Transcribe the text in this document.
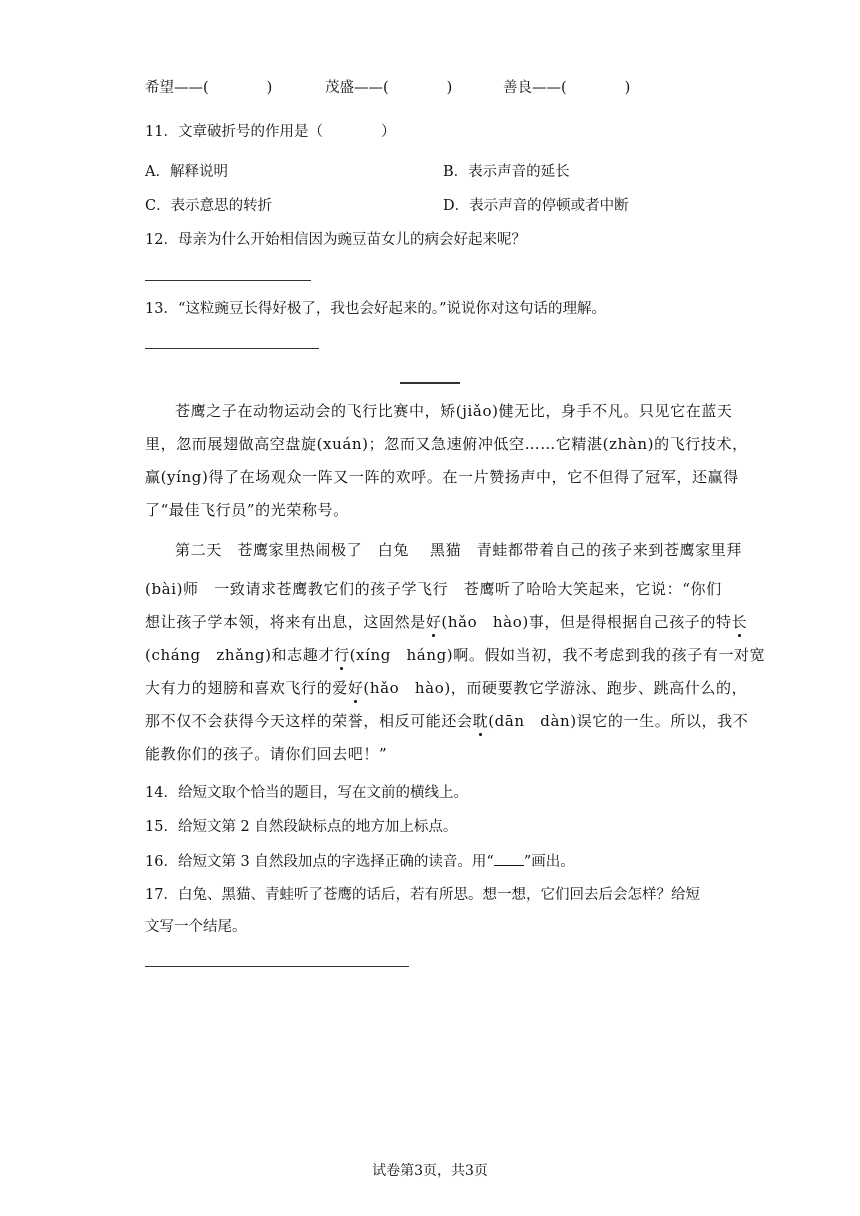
希望——(　　　　)	茂盛——(　　　　)	善良——(　　　　)
11．文章破折号的作用是（　　　　）
A．解释说明	B．表示声音的延长
C．表示意思的转折	D．表示声音的停顿或者中断
12．母亲为什么开始相信因为豌豆苗女儿的病会好起来呢？
13．“这粒豌豆长得好极了，我也会好起来的。”说说你对这句话的理解。
苍鹰之子在动物运动会的飞行比赛中，矫(jiǎo)健无比，身手不凡。只见它在蓝天
里，忽而展翅做高空盘旋(xuán)；忽而又急速俯冲低空……它精湛(zhàn)的飞行技术，
赢(yíng)得了在场观众一阵又一阵的欢呼。在一片赞扬声中，它不但得了冠军，还赢得
了“最佳飞行员”的光荣称号。
第二天　苍鹰家里热闹极了　白兔　 黑猫　青蛙都带着自己的孩子来到苍鹰家里拜
(bài)师　一致请求苍鹰教它们的孩子学飞行　苍鹰听了哈哈大笑起来，它说：“你们
想让孩子学本领，将来有出息，这固然是好(hǎo　hào)事，但是得根据自己孩子的特长
(cháng　zhǎng)和志趣才行(xíng　háng)啊。假如当初，我不考虑到我的孩子有一对宽
大有力的翅膀和喜欢飞行的爱好(hǎo　hào)，而硬要教它学游泳、跑步、跳高什么的，
那不仅不会获得今天这样的荣誉，相反可能还会耽(dān　dàn)误它的一生。所以，我不
能教你们的孩子。请你们回去吧！”
14．给短文取个恰当的题目，写在文前的横线上。
15．给短文第 2 自然段缺标点的地方加上标点。
16．给短文第 3 自然段加点的字选择正确的读音。用“ ”画出。
17．白兔、黑猫、青蛙听了苍鹰的话后，若有所思。想一想，它们回去后会怎样？给短
文写一个结尾。
试卷第3页，共3页
